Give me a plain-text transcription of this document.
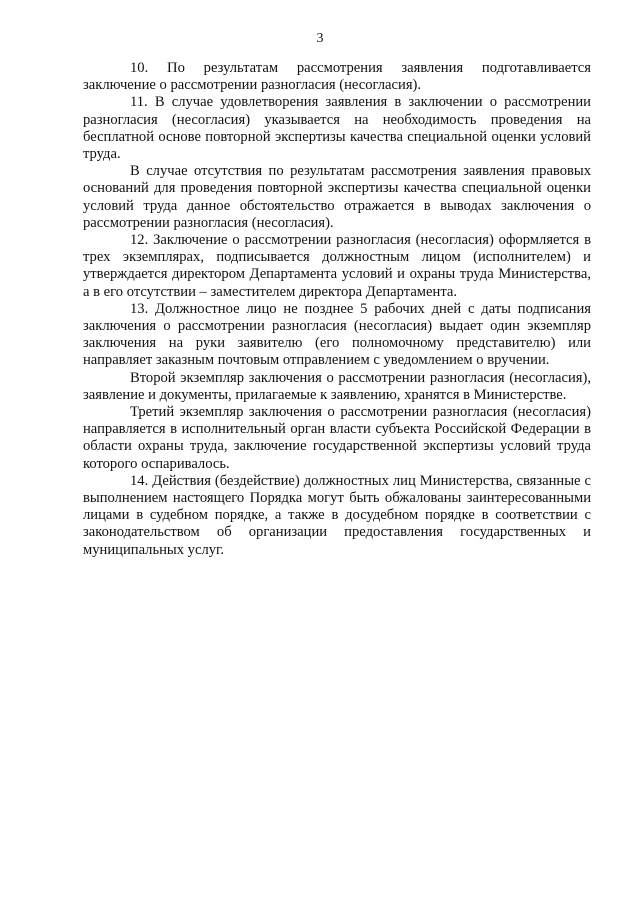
3

10. По результатам рассмотрения заявления подготавливается заключение о рассмотрении разногласия (несогласия).

11. В случае удовлетворения заявления в заключении о рассмотрении разногласия (несогласия) указывается на необходимость проведения на бесплатной основе повторной экспертизы качества специальной оценки условий труда.

В случае отсутствия по результатам рассмотрения заявления правовых оснований для проведения повторной экспертизы качества специальной оценки условий труда данное обстоятельство отражается в выводах заключения о рассмотрении разногласия (несогласия).

12. Заключение о рассмотрении разногласия (несогласия) оформляется в трех экземплярах, подписывается должностным лицом (исполнителем) и утверждается директором Департамента условий и охраны труда Министерства, а в его отсутствии – заместителем директора Департамента.

13. Должностное лицо не позднее 5 рабочих дней с даты подписания заключения о рассмотрении разногласия (несогласия) выдает один экземпляр заключения на руки заявителю (его полномочному представителю) или направляет заказным почтовым отправлением с уведомлением о вручении.

Второй экземпляр заключения о рассмотрении разногласия (несогласия), заявление и документы, прилагаемые к заявлению, хранятся в Министерстве.

Третий экземпляр заключения о рассмотрении разногласия (несогласия) направляется в исполнительный орган власти субъекта Российской Федерации в области охраны труда, заключение государственной экспертизы условий труда которого оспаривалось.

14. Действия (бездействие) должностных лиц Министерства, связанные с выполнением настоящего Порядка могут быть обжалованы заинтересованными лицами в судебном порядке, а также в досудебном порядке в соответствии с законодательством об организации предоставления государственных и муниципальных услуг.
